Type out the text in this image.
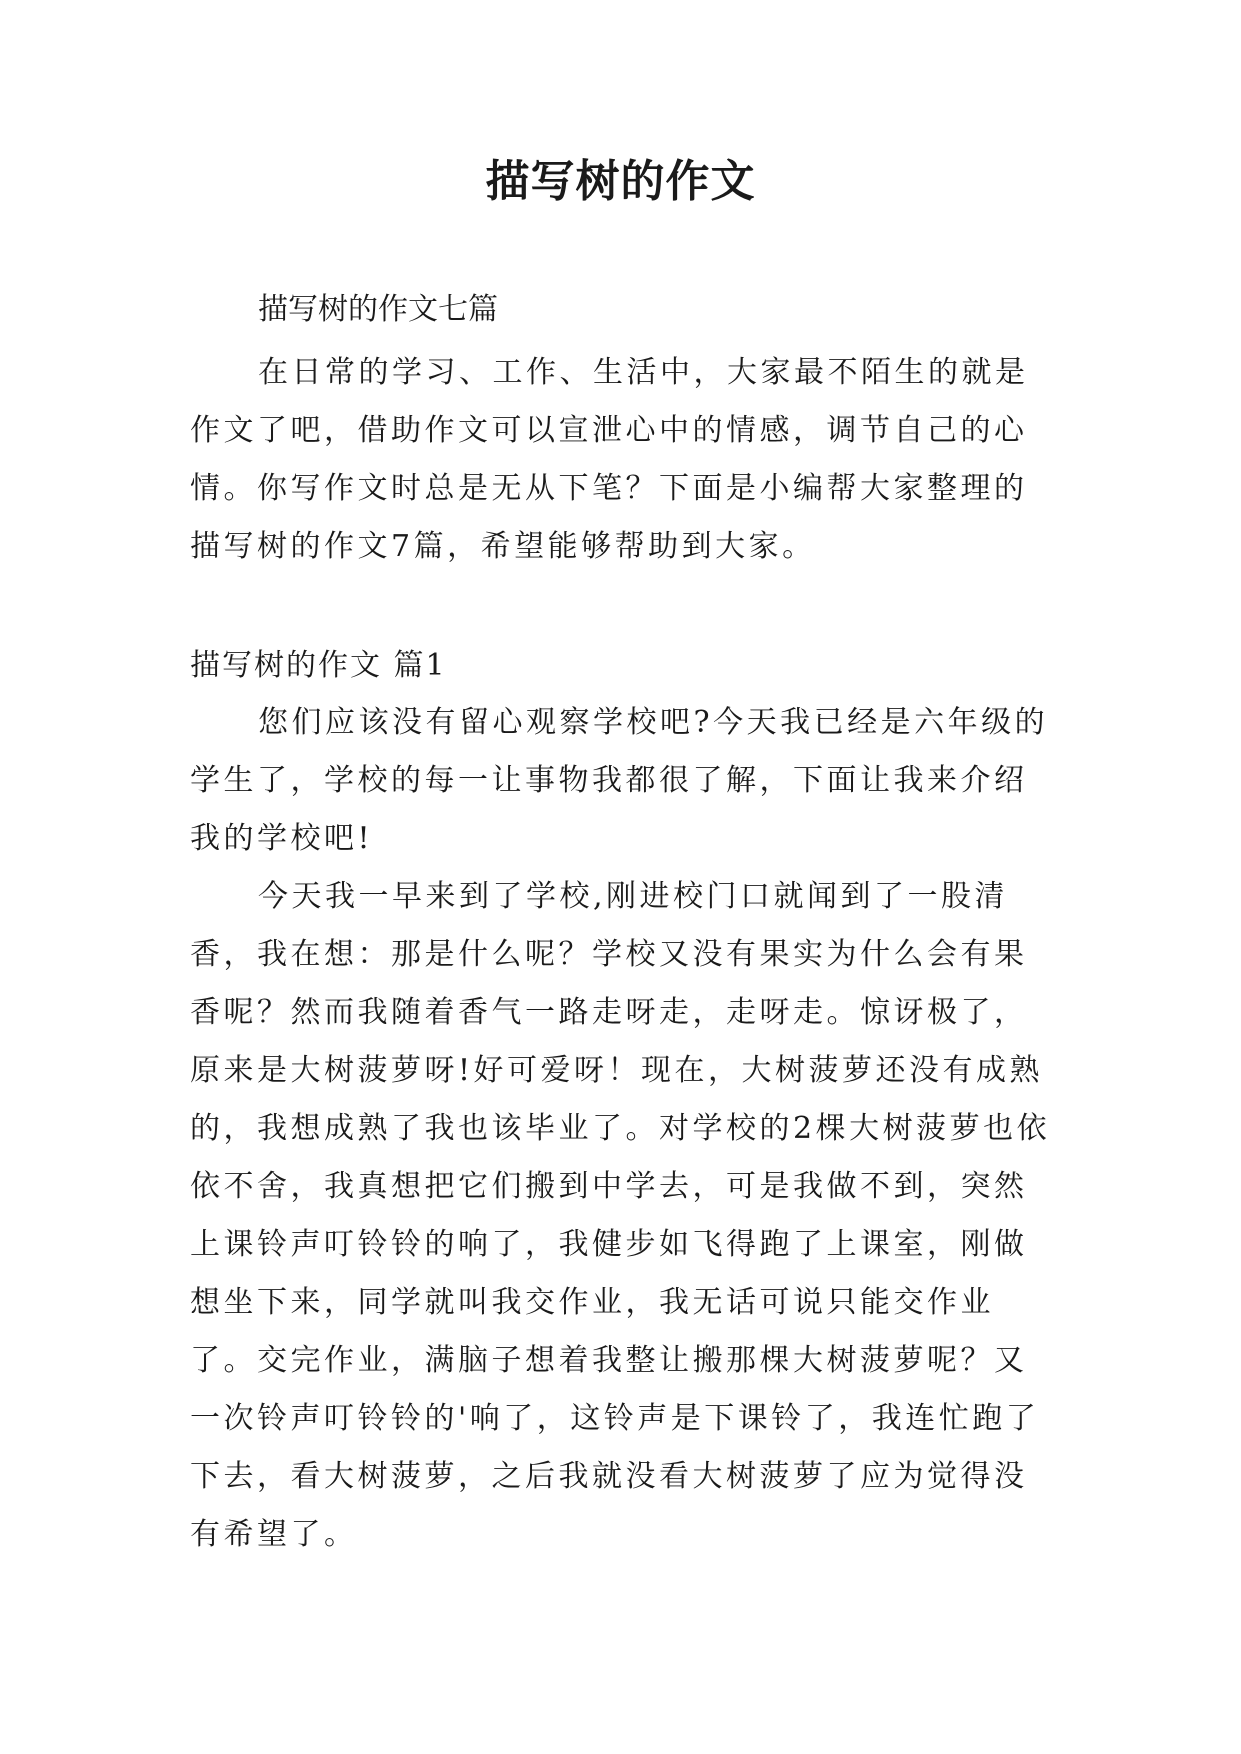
描写树的作文
描写树的作文七篇

在日常的学习、工作、生活中，大家最不陌生的就是作文了吧，借助作文可以宣泄心中的情感，调节自己的心情。你写作文时总是无从下笔？下面是小编帮大家整理的描写树的作文7篇，希望能够帮助到大家。

描写树的作文 篇1

您们应该没有留心观察学校吧?今天我已经是六年级的学生了，学校的每一让事物我都很了解，下面让我来介绍我的学校吧!

今天我一早来到了学校,刚进校门口就闻到了一股清香，我在想：那是什么呢？学校又没有果实为什么会有果香呢？然而我随着香气一路走呀走，走呀走。惊讶极了，原来是大树菠萝呀!好可爱呀！现在，大树菠萝还没有成熟的，我想成熟了我也该毕业了。对学校的2棵大树菠萝也依依不舍，我真想把它们搬到中学去，可是我做不到，突然上课铃声叮铃铃的响了，我健步如飞得跑了上课室，刚做想坐下来，同学就叫我交作业，我无话可说只能交作业了。交完作业，满脑子想着我整让搬那棵大树菠萝呢？又一次铃声叮铃铃的'响了，这铃声是下课铃了，我连忙跑了下去，看大树菠萝，之后我就没看大树菠萝了应为觉得没有希望了。
